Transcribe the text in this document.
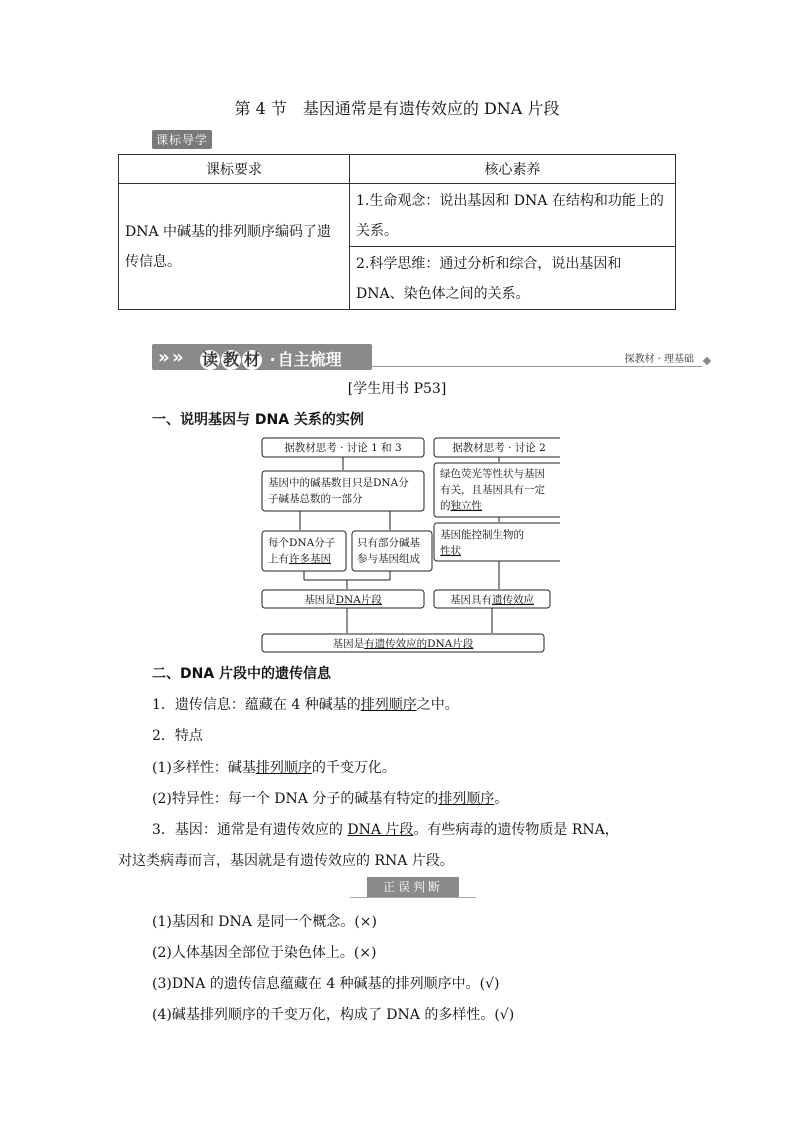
第 4 节　基因通常是有遗传效应的 DNA 片段
课标导学
课标要求	核心素养
DNA 中碱基的排列顺序编码了遗传信息。	1.生命观念：说出基因和 DNA 在结构和功能上的关系。
	2.科学思维：通过分析和综合，说出基因和 DNA、染色体之间的关系。
» » 读 教 材 · 自主梳理	探教材 · 理基础
[学生用书 P53]
一、说明基因与 DNA 关系的实例
据教材思考 · 讨论 1 和 3
基因中的碱基数目只是DNA分
子碱基总数的一部分
每个DNA分子
上有许多基因
只有部分碱基
参与基因组成
基因是DNA片段
据教材思考 · 讨论 2
绿色荧光等性状与基因
有关，且基因具有一定
的独立性
基因能控制生物的
性状
基因具有遗传效应
基因是有遗传效应的DNA片段
二、DNA 片段中的遗传信息
1．遗传信息：蕴藏在 4 种碱基的排列顺序之中。
2．特点
(1)多样性：碱基排列顺序的千变万化。
(2)特异性：每一个 DNA 分子的碱基有特定的排列顺序。
3．基因：通常是有遗传效应的 DNA 片段。有些病毒的遗传物质是 RNA，
对这类病毒而言，基因就是有遗传效应的 RNA 片段。
正误判断
(1)基因和 DNA 是同一个概念。(×)
(2)人体基因全部位于染色体上。(×)
(3)DNA 的遗传信息蕴藏在 4 种碱基的排列顺序中。(√)
(4)碱基排列顺序的千变万化，构成了 DNA 的多样性。(√)
